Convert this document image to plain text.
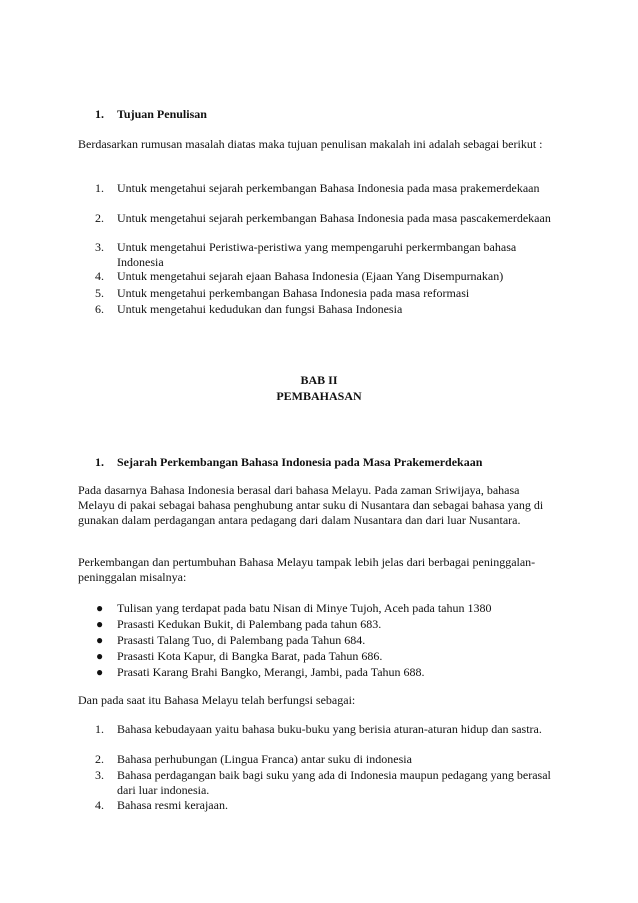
1.	Tujuan Penulisan

Berdasarkan rumusan masalah diatas maka tujuan penulisan makalah ini adalah sebagai berikut :

1.	Untuk mengetahui sejarah perkembangan Bahasa Indonesia pada masa prakemerdekaan
2.	Untuk mengetahui sejarah perkembangan Bahasa Indonesia pada masa pascakemerdekaan
3.	Untuk mengetahui Peristiwa-peristiwa yang mempengaruhi perkermbangan bahasa Indonesia
4.	Untuk mengetahui sejarah ejaan Bahasa Indonesia (Ejaan Yang Disempurnakan)
5.	Untuk mengetahui perkembangan Bahasa Indonesia pada masa reformasi
6.	Untuk mengetahui kedudukan dan fungsi Bahasa Indonesia
BAB II
PEMBAHASAN
1.	Sejarah Perkembangan Bahasa Indonesia pada Masa Prakemerdekaan

Pada dasarnya Bahasa Indonesia berasal dari bahasa Melayu. Pada zaman Sriwijaya, bahasa Melayu di pakai sebagai bahasa penghubung antar suku di Nusantara dan sebagai bahasa yang di gunakan dalam perdagangan antara pedagang dari dalam Nusantara dan dari luar Nusantara.

Perkembangan dan pertumbuhan Bahasa Melayu tampak lebih jelas dari berbagai peninggalan-peninggalan misalnya:

●	Tulisan yang terdapat pada batu Nisan di Minye Tujoh, Aceh pada tahun 1380
●	Prasasti Kedukan Bukit, di Palembang pada tahun 683.
●	Prasasti Talang Tuo, di Palembang pada Tahun 684.
●	Prasasti Kota Kapur, di Bangka Barat, pada Tahun 686.
●	Prasati Karang Brahi Bangko, Merangi, Jambi, pada Tahun 688.

Dan pada saat itu Bahasa Melayu telah berfungsi sebagai:

1.	Bahasa kebudayaan yaitu bahasa buku-buku yang berisia aturan-aturan hidup dan sastra.
2.	Bahasa perhubungan (Lingua Franca) antar suku di indonesia
3.	Bahasa perdagangan baik bagi suku yang ada di Indonesia maupun pedagang yang berasal dari luar indonesia.
4.	Bahasa resmi kerajaan.
